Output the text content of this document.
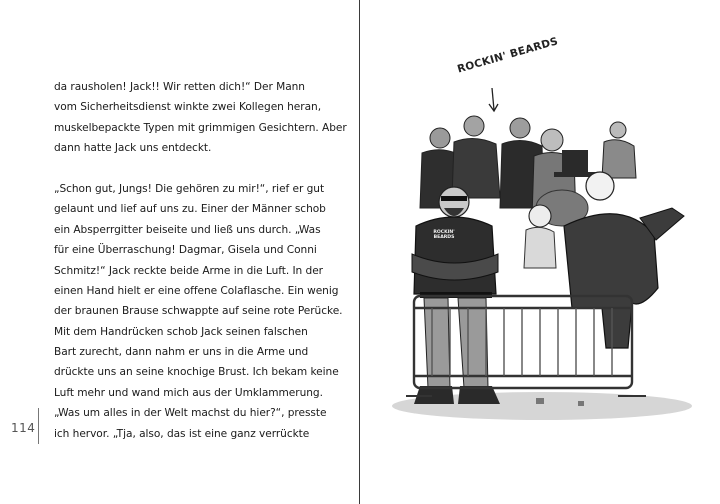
da rausholen! Jack!! Wir retten dich!“ Der Mann
vom Sicherheitsdienst winkte zwei Kollegen heran,
muskelbepackte Typen mit grimmigen Gesichtern. Aber
dann hatte Jack uns entdeckt.
„Schon gut, Jungs! Die gehören zu mir!“, rief er gut
gelaunt und lief auf uns zu. Einer der Männer schob
ein Absperrgitter beiseite und ließ uns durch. „Was
für eine Überraschung! Dagmar, Gisela und Conni
Schmitz!“ Jack reckte beide Arme in die Luft. In der
einen Hand hielt er eine offene Colaflasche. Ein wenig
der braunen Brause schwappte auf seine rote Perücke.
Mit dem Handrücken schob Jack seinen falschen
Bart zurecht, dann nahm er uns in die Arme und
drückte uns an seine knochige Brust. Ich bekam keine
Luft mehr und wand mich aus der Umklammerung.
„Was um alles in der Welt machst du hier?“, presste
ich hervor. „Tja, also, das ist eine ganz verrückte
114
ROCKIN' BEARDS
ROCKIN'
BEARDS
